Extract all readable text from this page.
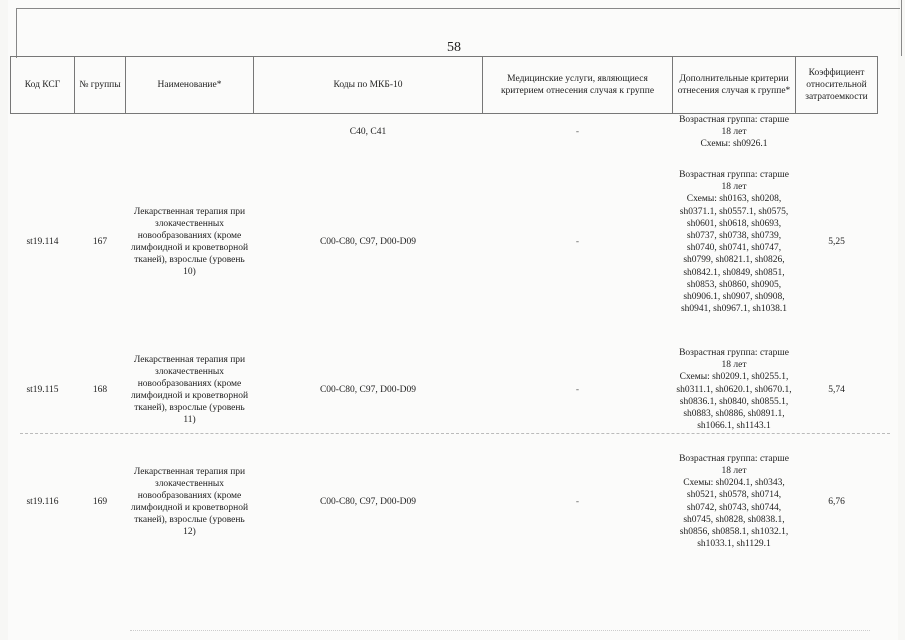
58
Код КСГ	№ группы	Наименование*	Коды по МКБ-10	Медицинские услуги, являющиеся критерием отнесения случая к группе	Дополнительные критерии отнесения случая к группе*	Коэффициент относительной затратоемкости
			C40, C41	-	Возрастная группа: старше 18 лет
Схемы: sh0926.1	
st19.114	167	Лекарственная терапия при злокачественных новообразованиях (кроме лимфоидной и кроветворной тканей), взрослые (уровень 10)	C00-C80, C97, D00-D09	-	Возрастная группа: старше 18 лет
Схемы: sh0163, sh0208, sh0371.1, sh0557.1, sh0575, sh0601, sh0618, sh0693, sh0737, sh0738, sh0739, sh0740, sh0741, sh0747, sh0799, sh0821.1, sh0826, sh0842.1, sh0849, sh0851, sh0853, sh0860, sh0905, sh0906.1, sh0907, sh0908, sh0941, sh0967.1, sh1038.1	5,25
st19.115	168	Лекарственная терапия при злокачественных новообразованиях (кроме лимфоидной и кроветворной тканей), взрослые (уровень 11)	C00-C80, C97, D00-D09	-	Возрастная группа: старше 18 лет
Схемы: sh0209.1, sh0255.1, sh0311.1, sh0620.1, sh0670.1, sh0836.1, sh0840, sh0855.1, sh0883, sh0886, sh0891.1, sh1066.1, sh1143.1	5,74
st19.116	169	Лекарственная терапия при злокачественных новообразованиях (кроме лимфоидной и кроветворной тканей), взрослые (уровень 12)	C00-C80, C97, D00-D09	-	Возрастная группа: старше 18 лет
Схемы: sh0204.1, sh0343, sh0521, sh0578, sh0714, sh0742, sh0743, sh0744, sh0745, sh0828, sh0838.1, sh0856, sh0858.1, sh1032.1, sh1033.1, sh1129.1	6,76
